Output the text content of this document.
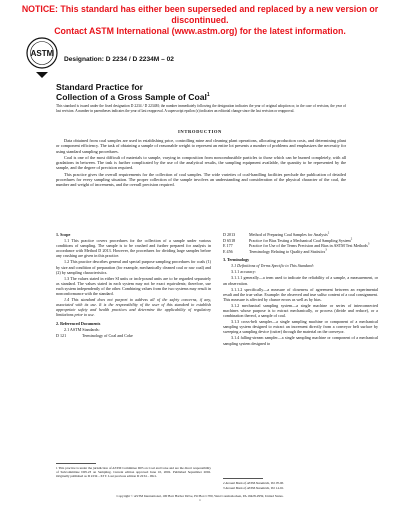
NOTICE: This standard has either been superseded and replaced by a new version or discontinued.
Contact ASTM International (www.astm.org) for the latest information.
ASTM
Designation: D 2234 / D 2234M – 02
Standard Practice for
Collection of a Gross Sample of Coal$^1$
This standard is issued under the fixed designation D 2234 / D 2234M; the number immediately following the designation indicates the year of original adoption or, in the case of revision, the year of last revision. A number in parentheses indicates the year of last reapproval. A superscript epsilon (ε) indicates an editorial change since the last revision or reapproval.
INTRODUCTION

Data obtained from coal samples are used in establishing price, controlling mine and cleaning plant operations, allocating production costs, and determining plant or component efficiency. The task of obtaining a sample of reasonable weight to represent an entire lot presents a number of problems and emphasizes the necessity for using standard sampling procedures.

Coal is one of the most difficult of materials to sample, varying in composition from noncombustible particles to those which can be burned completely, with all gradations in between. The task is further complicated by the use of the analytical results, the sampling equipment available, the quantity to be represented by the sample, and the degree of precision required.

This practice gives the overall requirements for the collection of coal samples. The wide varieties of coal-handling facilities preclude the publication of detailed procedures for every sampling situation. The proper collection of the sample involves an understanding and consideration of the physical character of the coal, the number and weight of increments, and the overall precision required.

1. Scope

1.1 This practice covers procedures for the collection of a sample under various conditions of sampling. The sample is to be crushed and further prepared for analysis in accordance with Method D 2013. However, the procedures for dividing large samples before any crushing are given in this practice.

1.2 This practice describes general and special purpose sampling procedures for coals (1) by size and condition of preparation (for example, mechanically cleaned coal or raw coal) and (2) by sampling characteristics.

1.3 The values stated in either SI units or inch-pound units are to be regarded separately as standard. The values stated in each system may not be exact equivalents; therefore, use each system independently of the other. Combining values from the two systems may result in nonconformance with the standard.

1.4 This standard does not purport to address all of the safety concerns, if any, associated with its use. It is the responsibility of the user of this standard to establish appropriate safety and health practices and determine the applicability of regulatory limitations prior to use.

2. Referenced Documents

2.1 ASTM Standards:

D 121	Terminology of Coal and Coke

D 2013	Method of Preparing Coal Samples for Analysis$^2$

D 6518	Practice for Bias Testing a Mechanical Coal Sampling System$^2$

E 177	Practice for Use of the Terms Precision and Bias in ASTM Test Methods$^3$

E 456	Terminology Relating to Quality and Statistics$^3$

3. Terminology

3.1 Definitions of Terms Specific to This Standard:

3.1.1 accuracy:

3.1.1.1 generally—a term used to indicate the reliability of a sample, a measurement, or an observation.

3.1.1.2 specifically—a measure of closeness of agreement between an experimental result and the true value. Example: the observed and true sulfur content of a coal consignment. This measure is affected by chance errors as well as by bias.

3.1.2 mechanical sampling system—a single machine or series of interconnected machines whose purpose is to extract mechanically, or process (divide and reduce), or a combination thereof, a sample of coal.

3.1.3 cross-belt sampler—a single sampling machine or component of a mechanical sampling system designed to extract an increment directly from a conveyor belt surface by sweeping a sampling device (cutter) through the material on the conveyor.

3.1.4 falling-stream sampler—a single sampling machine or component of a mechanical sampling system designed to

1 This practice is under the jurisdiction of ASTM Committee D05 on Coal and Coke and are the direct responsibility of Subcommittee D05.23 on Sampling. Current edition approved June 10, 2002. Published September 2002. Originally published as D 2234 – 63 T. Last previous edition D 2234 – 00ε1.
2 Annual Book of ASTM Standards, Vol 05.06.
3 Annual Book of ASTM Standards, Vol 14.02.
Copyright © ASTM International, 100 Barr Harbor Drive, PO Box C700, West Conshohocken, PA 19428-2959, United States.
1
